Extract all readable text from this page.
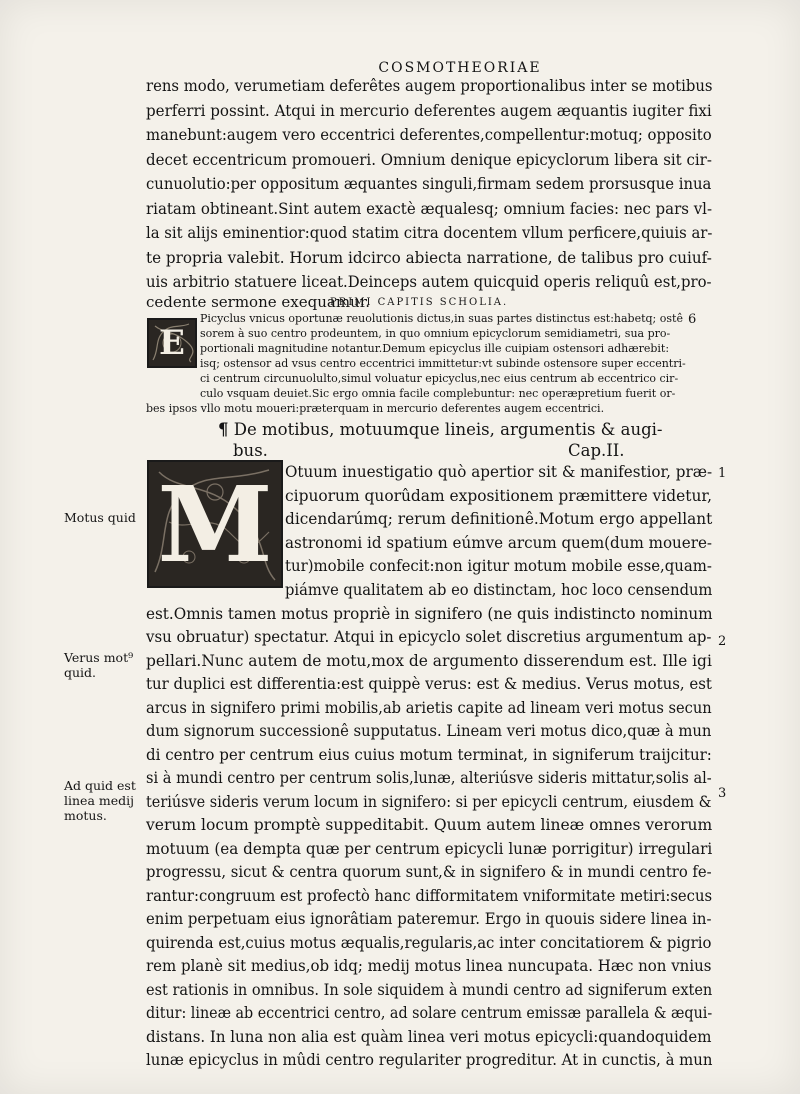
COSMOTHEORIAE
rens modo, verumetiam deferêtes augem proportionalibus inter se motibus
perferri possint. Atqui in mercurio deferentes augem æquantis iugiter fixi
manebunt:augem vero eccentrici deferentes,compellentur:motuq; opposito
decet eccentricum promoueri. Omnium denique epicyclorum libera sit cir-
cunuolutio:per oppositum æquantes singuli,firmam sedem prorsusque inua
riatam obtineant.Sint autem exactè æqualesq; omnium facies: nec pars vl-
la sit alijs eminentior:quod statim citra docentem vllum perficere,quiuis ar-
te propria valebit. Horum idcirco abiecta narratione, de talibus pro cuiuf-
uis arbitrio statuere liceat.Deinceps autem quicquid operis reliquû est,pro-
cedente sermone exequamur.
PRIMI CAPITIS SCHOLIA.
E
Picyclus vnicus oportunæ reuolutionis dictus,in suas partes distinctus est:habetq; ostê
sorem à suo centro prodeuntem, in quo omnium epicyclorum semidiametri, sua pro-
portionali magnitudine notantur.Demum epicyclus ille cuipiam ostensori adhærebit:
isq; ostensor ad vsus centro eccentrici immittetur:vt subinde ostensore super eccentri-
ci centrum circunuolulto,simul voluatur epicyclus,nec eius centrum ab eccentrico cir-
culo vsquam deuiet.Sic ergo omnia facile complebuntur: nec operæpretium fuerit or-
bes ipsos vllo motu moueri:præterquam in mercurio deferentes augem eccentrici.
6
¶ De motibus, motuumque lineis, argumentis & augi-
bus.	Cap.II.
M Otuum inuestigatio quò apertior sit & manifestior, præ-
cipuorum quorûdam expositionem præmittere videtur,
dicendarúmq; rerum definitionê.Motum ergo appellant
astronomi id spatium eúmve arcum quem(dum mouere-
tur)mobile confecit:non igitur motum mobile esse,quam-
piámve qualitatem ab eo distinctam, hoc loco censendum
est.Omnis tamen motus propriè in signifero (ne quis indistincto nominum
vsu obruatur) spectatur. Atqui in epicyclo solet discretius argumentum ap-
pellari.Nunc autem de motu,mox de argumento disserendum est. Ille igi
tur duplici est differentia:est quippè verus: est & medius. Verus motus, est
arcus in signifero primi mobilis,ab arietis capite ad lineam veri motus secun
dum signorum successionê supputatus. Lineam veri motus dico,quæ à mun
di centro per centrum eius cuius motum terminat, in signiferum traijcitur:
si à mundi centro per centrum solis,lunæ, alteriúsve sideris mittatur,solis al-
teriúsve sideris verum locum in signifero: si per epicycli centrum, eiusdem &
verum locum promptè suppeditabit. Quum autem lineæ omnes verorum
motuum (ea dempta quæ per centrum epicycli lunæ porrigitur) irregulari
progressu, sicut & centra quorum sunt,& in signifero & in mundi centro fe-
rantur:congruum est profectò hanc difformitatem vniformitate metiri:secus
enim perpetuam eius ignorâtiam pateremur. Ergo in quouis sidere linea in-
quirenda est,cuius motus æqualis,regularis,ac inter concitatiorem & pigrio
rem planè sit medius,ob idq; medij motus linea nuncupata. Hæc non vnius
est rationis in omnibus. In sole siquidem à mundi centro ad signiferum exten
ditur: lineæ ab eccentrici centro, ad solare centrum emissæ parallela & æqui-
distans. In luna non alia est quàm linea veri motus epicycli:quandoquidem
lunæ epicyclus in mûdi centro regulariter progreditur. At in cunctis, à mun
Motus quid
Verus mot⁹
quid.
Ad quid est
linea medij
motus.
1
2
3
